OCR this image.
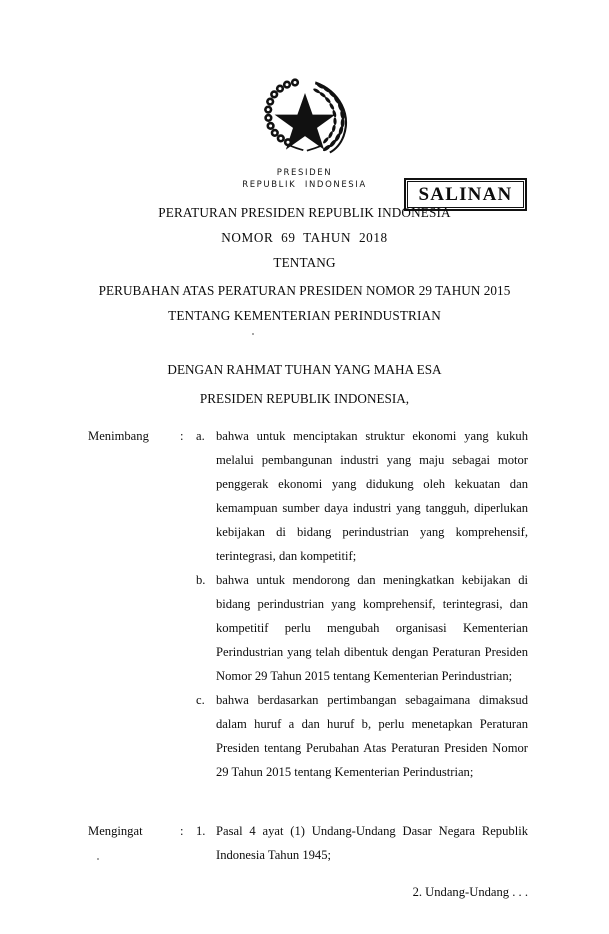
SALINAN
PRESIDEN
REPUBLIK  INDONESIA
PERATURAN PRESIDEN REPUBLIK INDONESIA
NOMOR  69  TAHUN  2018
TENTANG
PERUBAHAN ATAS PERATURAN PRESIDEN NOMOR 29 TAHUN 2015
TENTANG KEMENTERIAN PERINDUSTRIAN
DENGAN RAHMAT TUHAN YANG MAHA ESA
PRESIDEN REPUBLIK INDONESIA,
Menimbang	: a. bahwa untuk menciptakan struktur ekonomi yang kukuh melalui pembangunan industri yang maju sebagai motor penggerak ekonomi yang didukung oleh kekuatan dan kemampuan sumber daya industri yang tangguh, diperlukan kebijakan di bidang perindustrian yang komprehensif, terintegrasi, dan kompetitif;
b. bahwa untuk mendorong dan meningkatkan kebijakan di bidang perindustrian yang komprehensif, terintegrasi, dan kompetitif perlu mengubah organisasi Kementerian Perindustrian yang telah dibentuk dengan Peraturan Presiden Nomor 29 Tahun 2015 tentang Kementerian Perindustrian;
c. bahwa berdasarkan pertimbangan sebagaimana dimaksud dalam huruf a dan huruf b, perlu menetapkan Peraturan Presiden tentang Perubahan Atas Peraturan Presiden Nomor 29 Tahun 2015 tentang Kementerian Perindustrian;
Mengingat	: 1. Pasal 4 ayat (1) Undang-Undang Dasar Negara Republik Indonesia Tahun 1945;
2. Undang-Undang . . .
